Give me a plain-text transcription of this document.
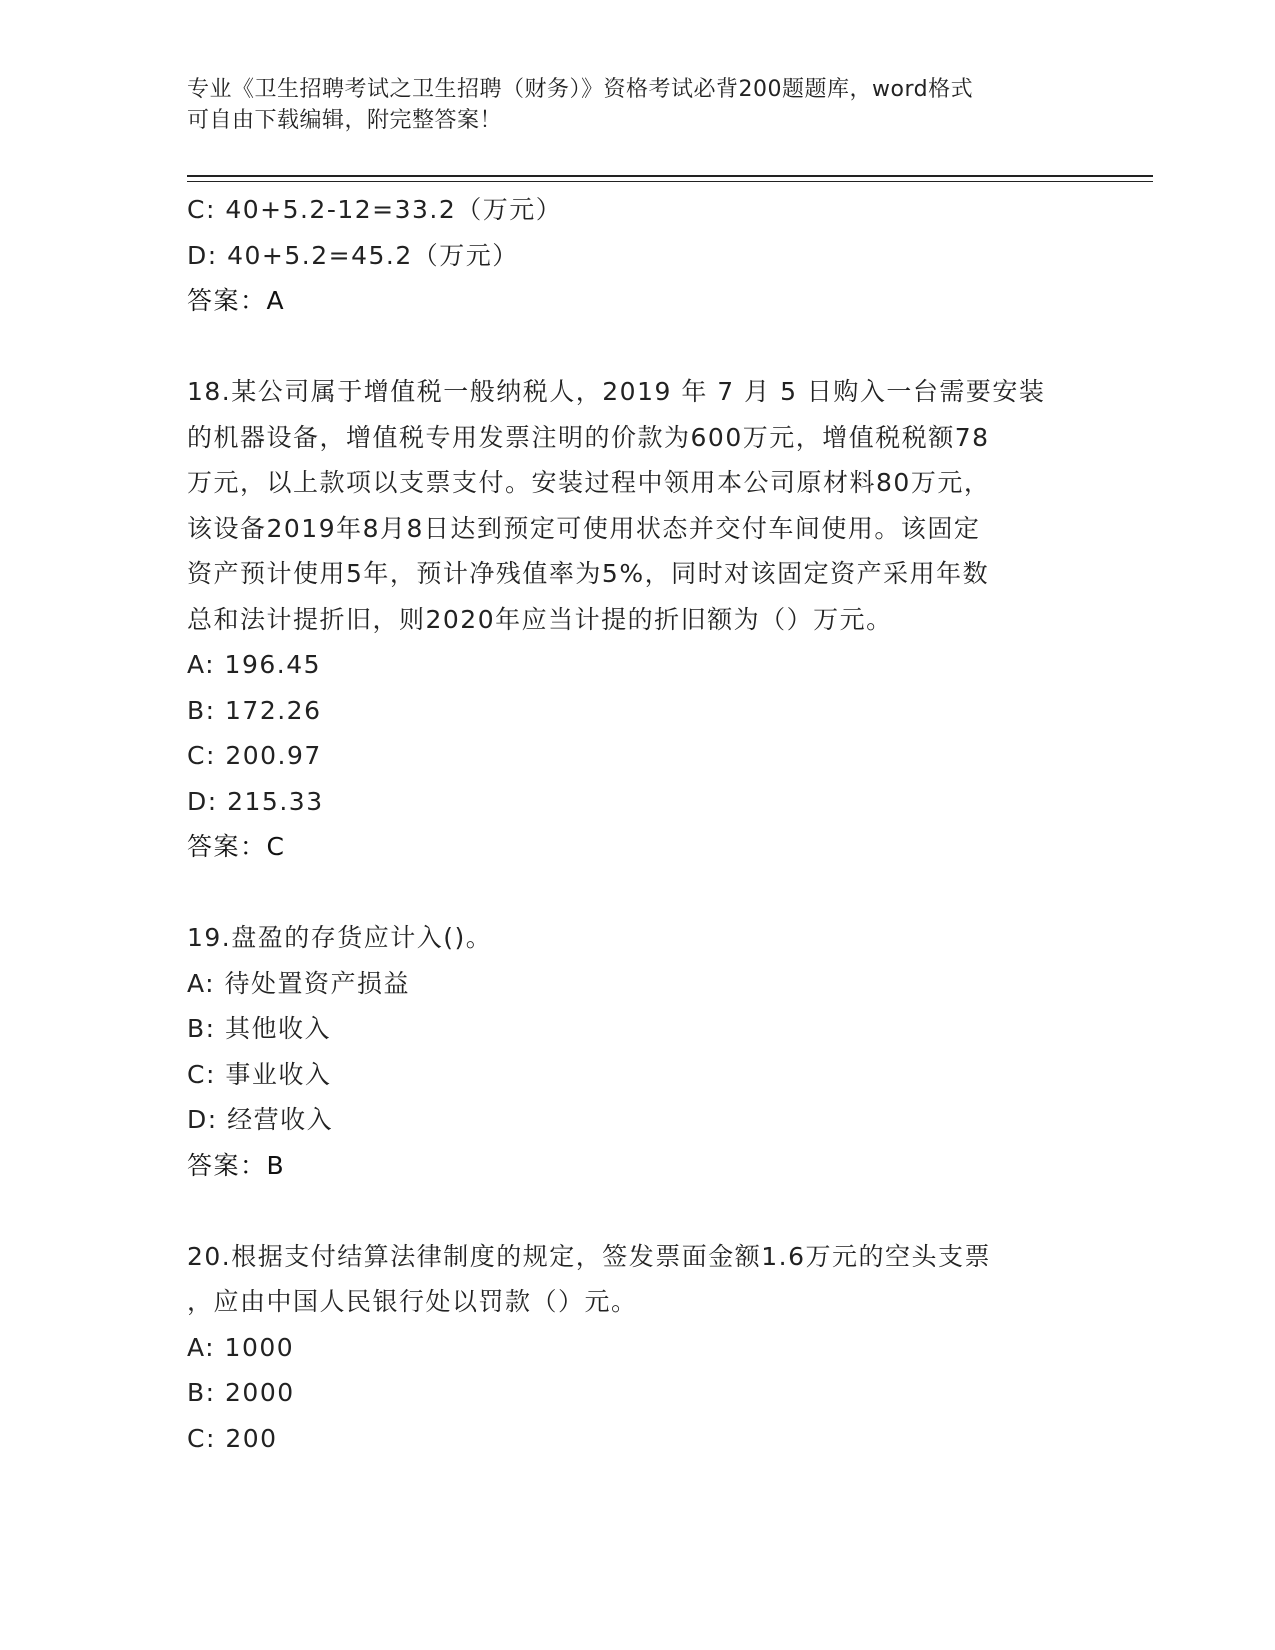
专业《卫生招聘考试之卫生招聘（财务）》资格考试必背200题题库，word格式
可自由下载编辑，附完整答案！
C: 40+5.2-12=33.2（万元）
D: 40+5.2=45.2（万元）
答案：A
18.某公司属于增值税一般纳税人，2019 年 7 月 5 日购入一台需要安装
的机器设备，增值税专用发票注明的价款为600万元，增值税税额78
万元，以上款项以支票支付。安装过程中领用本公司原材料80万元，
该设备2019年8月8日达到预定可使用状态并交付车间使用。该固定
资产预计使用5年，预计净残值率为5%，同时对该固定资产采用年数
总和法计提折旧，则2020年应当计提的折旧额为（）万元。
A: 196.45
B: 172.26
C: 200.97
D: 215.33
答案：C
19.盘盈的存货应计入()。
A: 待处置资产损益
B: 其他收入
C: 事业收入
D: 经营收入
答案：B
20.根据支付结算法律制度的规定，签发票面金额1.6万元的空头支票
，应由中国人民银行处以罚款（）元。
A: 1000
B: 2000
C: 200
